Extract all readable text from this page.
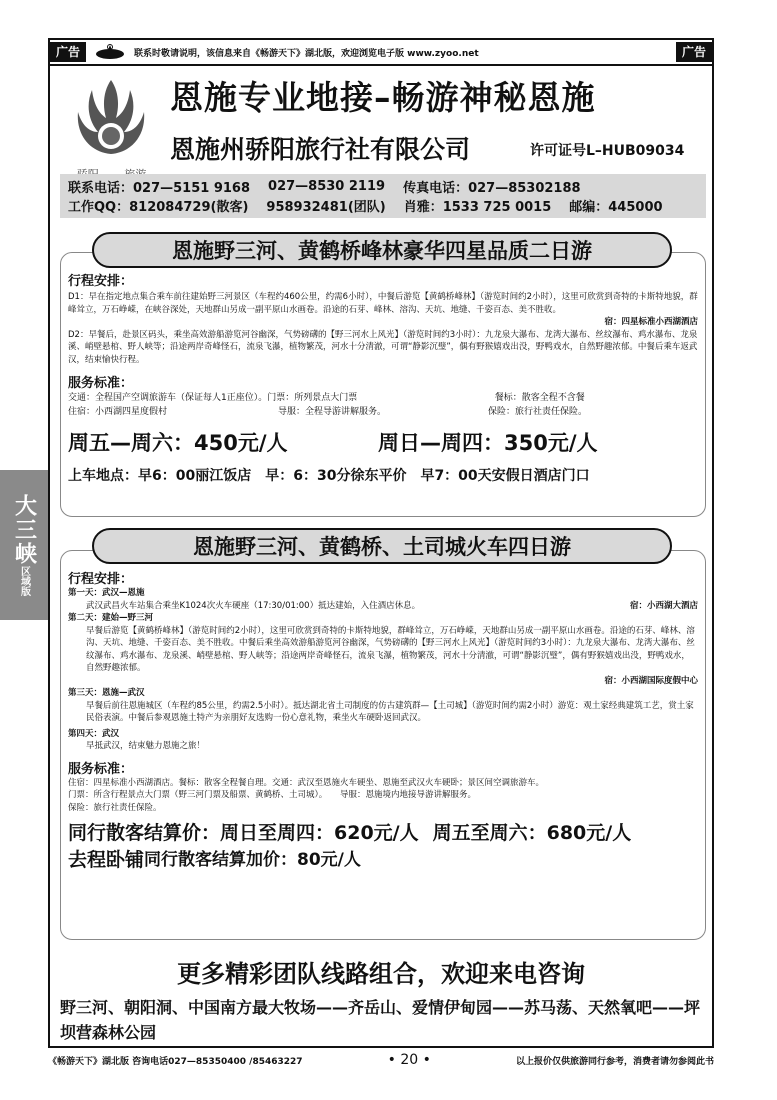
大三峡
区域版
广告	联系时敬请说明，该信息来自《畅游天下》湖北版，欢迎浏览电子版 www.zyoo.net	广告
恩施专业地接–畅游神秘恩施
恩施州骄阳旅行社有限公司	许可证号L–HUB09034
联系电话：027—5151 9168 027—8530 2119 传真电话：027—85302188
工作QQ：812084729(散客) 958932481(团队) 肖雅：1533 725 0015 邮编：445000
恩施野三河、黄鹤桥峰林豪华四星品质二日游
行程安排：
D1：早在指定地点集合乘车前往建始野三河景区（车程约460公里，约需6小时），中餐后游览【黄鹤桥峰林】（游览时间约2小时），这里可欣赏到奇特的卡斯特地貌，群峰耸立，万石峥嵘，在峡谷深处，天地群山另成一副平原山水画卷。沿途的石芽、峰林、溶沟、天坑、地缝、千姿百态、美不胜收。
宿：四星标准小西湖酒店
D2：早餐后，赴景区码头，乘坐高效游船游览河谷幽深，气势磅礴的【野三河水上风光】（游览时间约3小时）：九龙泉大瀑布、龙湾大瀑布、丝纹瀑布、鸡水瀑布、龙泉溪、峭壁悬棺、野人峡等；沿途两岸奇峰怪石，流泉飞瀑，植物繁茂，河水十分清澈，可谓“静影沉璧”，偶有野猴嬉戏出没，野鸭戏水，自然野趣浓郁。中餐后乘车返武汉，结束愉快行程。
服务标准：
交通：全程国产空调旅游车（保证每人1正座位）。门票：所列景点大门票	餐标：散客全程不含餐
住宿：小西湖四星度假村	导服：全程导游讲解服务。	保险：旅行社责任保险。
周五—周六：450元/人	周日—周四：350元/人
上车地点：早6：00丽江饭店　早：6：30分徐东平价　早7：00天安假日酒店门口
恩施野三河、黄鹤桥、土司城火车四日游
行程安排：
第一天：武汉—恩施
武汉武昌火车站集合乘坐K1024次火车硬座（17:30/01:00）抵达建始，入住酒店休息。	宿：小西湖大酒店
第二天：建始—野三河
早餐后游览【黄鹤桥峰林】（游览时间约2小时），这里可欣赏到奇特的卡斯特地貌，群峰耸立，万石峥嵘，天地群山另成一副平原山水画卷。沿途的石芽、峰林、溶沟、天坑、地缝、千姿百态、美不胜收。中餐后乘坐高效游船游览河谷幽深，气势磅礴的【野三河水上风光】（游览时间约3小时）：九龙泉大瀑布、龙湾大瀑布、丝纹瀑布、鸡水瀑布、龙泉溪、峭壁悬棺、野人峡等；沿途两岸奇峰怪石，流泉飞瀑，植物繁茂，河水十分清澈，可谓“静影沉璧”，偶有野猴嬉戏出没，野鸭戏水，自然野趣浓郁。
宿：小西湖国际度假中心
第三天：恩施—武汉
早餐后前往恩施城区（车程约85公里，约需2.5小时）。抵达湖北省土司制度的仿古建筑群—【土司城】（游览时间约需2小时）游览：观土家经典建筑工艺，赏土家民俗表演。中餐后参观恩施土特产为亲朋好友选购一份心意礼物，乘坐火车硬卧返回武汉。
第四天：武汉
早抵武汉，结束魅力恩施之旅！
服务标准：
住宿：四星标准小西湖酒店。餐标：散客全程餐自理。交通：武汉至恩施火车硬坐、恩施至武汉火车硬卧；景区间空调旅游车。
门票：所含行程景点大门票（野三河门票及船票、黄鹤桥、土司城）。　　导服：恩施境内地接导游讲解服务。
保险：旅行社责任保险。
同行散客结算价：周日至周四：620元/人 周五至周六：680元/人
去程卧铺 同行散客结算加价：80元/人
更多精彩团队线路组合，欢迎来电咨询
野三河、朝阳洞、中国南方最大牧场——齐岳山、爱情伊甸园——苏马荡、天然氧吧——坪坝营森林公园
《畅游天下》湖北版 咨询电话027—85350400 /85463227	• 20 •	以上报价仅供旅游同行参考，消费者请勿参阅此书
